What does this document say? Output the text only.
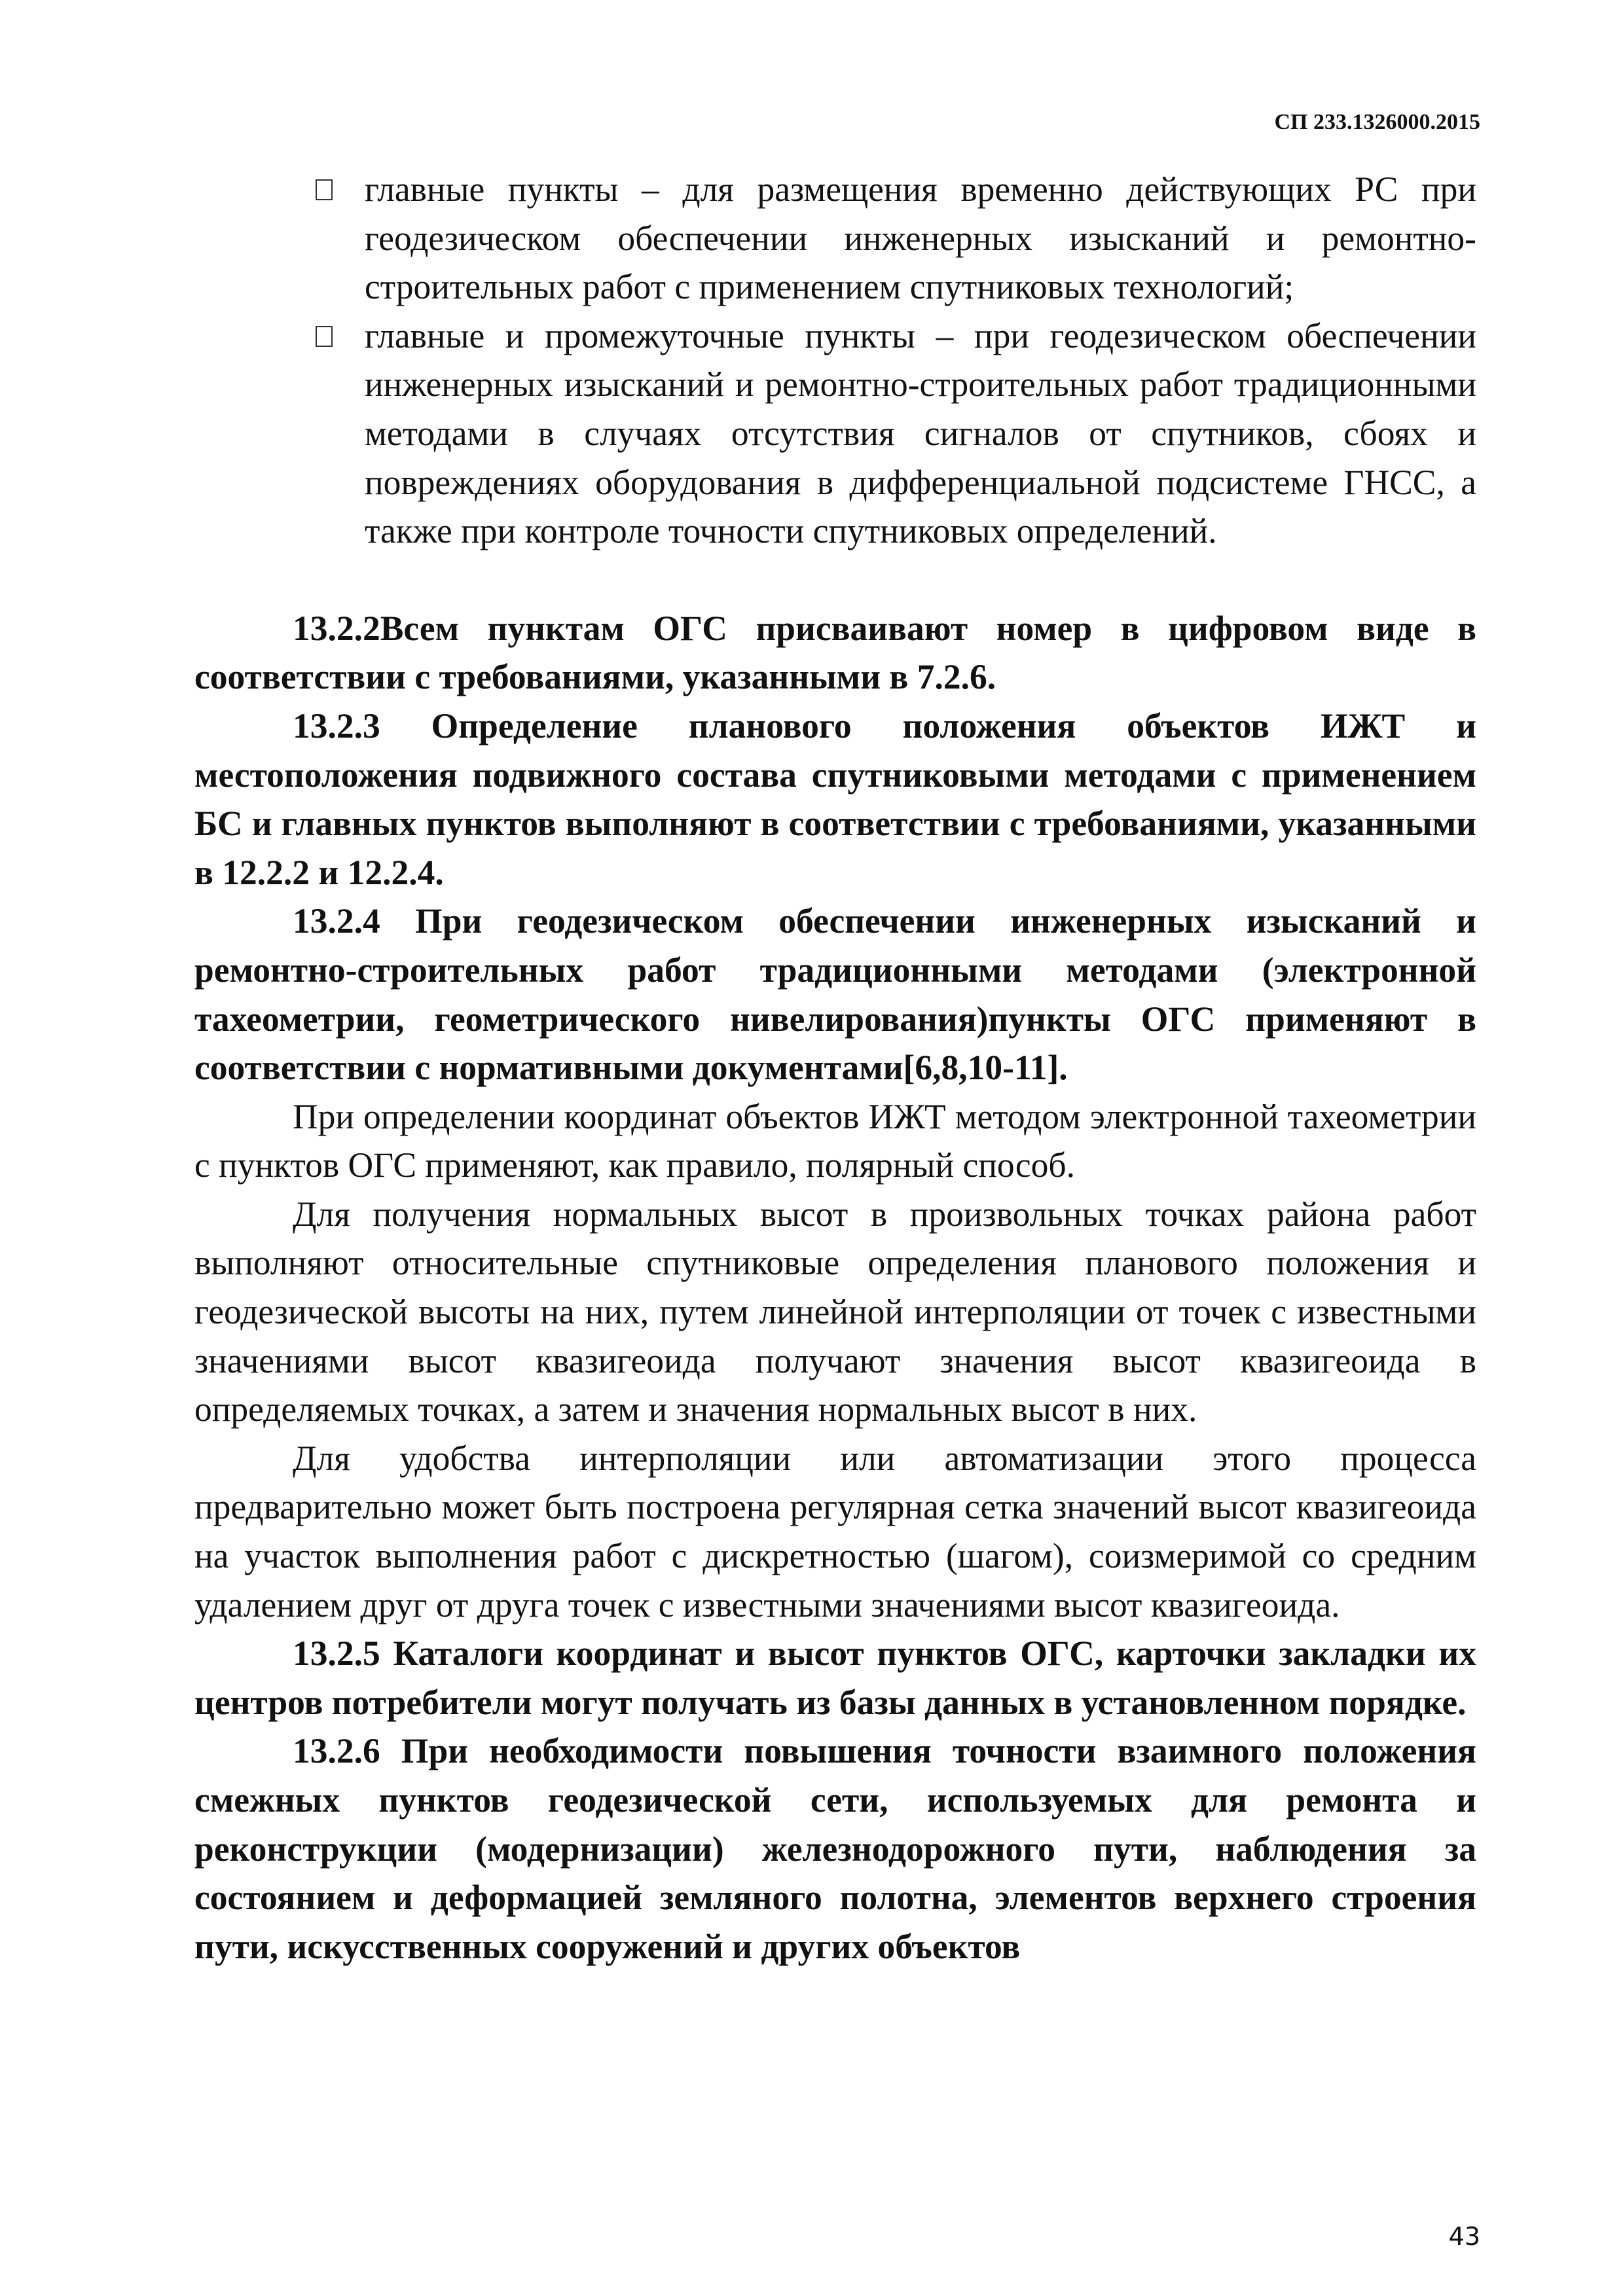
СП 233.1326000.2015
главные пункты – для размещения временно действующих РС при геодезическом обеспечении инженерных изысканий и ремонтно-строительных работ с применением спутниковых технологий;
главные и промежуточные пункты – при геодезическом обеспечении инженерных изысканий и ремонтно-строительных работ традиционными методами в случаях отсутствия сигналов от спутников, сбоях и повреждениях оборудования в дифференциальной подсистеме ГНСС, а также при контроле точности спутниковых определений.

13.2.2Всем пунктам ОГС присваивают номер в цифровом виде в соответствии с требованиями, указанными в 7.2.6.

13.2.3 Определение планового положения объектов ИЖТ и местоположения подвижного состава спутниковыми методами с применением БС и главных пунктов выполняют в соответствии с требованиями, указанными в 12.2.2 и 12.2.4.

13.2.4 При геодезическом обеспечении инженерных изысканий и ремонтно-строительных работ традиционными методами (электронной тахеометрии, геометрического нивелирования)пункты ОГС применяют в соответствии с нормативными документами[6,8,10-11].

При определении координат объектов ИЖТ методом электронной тахеометрии с пунктов ОГС применяют, как правило, полярный способ.

Для получения нормальных высот в произвольных точках района работ выполняют относительные спутниковые определения планового положения и геодезической высоты на них, путем линейной интерполяции от точек с известными значениями высот квазигеоида получают значения высот квазигеоида в определяемых точках, а затем и значения нормальных высот в них.

Для удобства интерполяции или автоматизации этого процесса предварительно может быть построена регулярная сетка значений высот квазигеоида на участок выполнения работ с дискретностью (шагом), соизмеримой со средним удалением друг от друга точек с известными значениями высот квазигеоида.

13.2.5 Каталоги координат и высот пунктов ОГС, карточки закладки их центров потребители могут получать из базы данных в установленном порядке.

13.2.6 При необходимости повышения точности взаимного положения смежных пунктов геодезической сети, используемых для ремонта и реконструкции (модернизации) железнодорожного пути, наблюдения за состоянием и деформацией земляного полотна, элементов верхнего строения пути, искусственных сооружений и других объектов

43
